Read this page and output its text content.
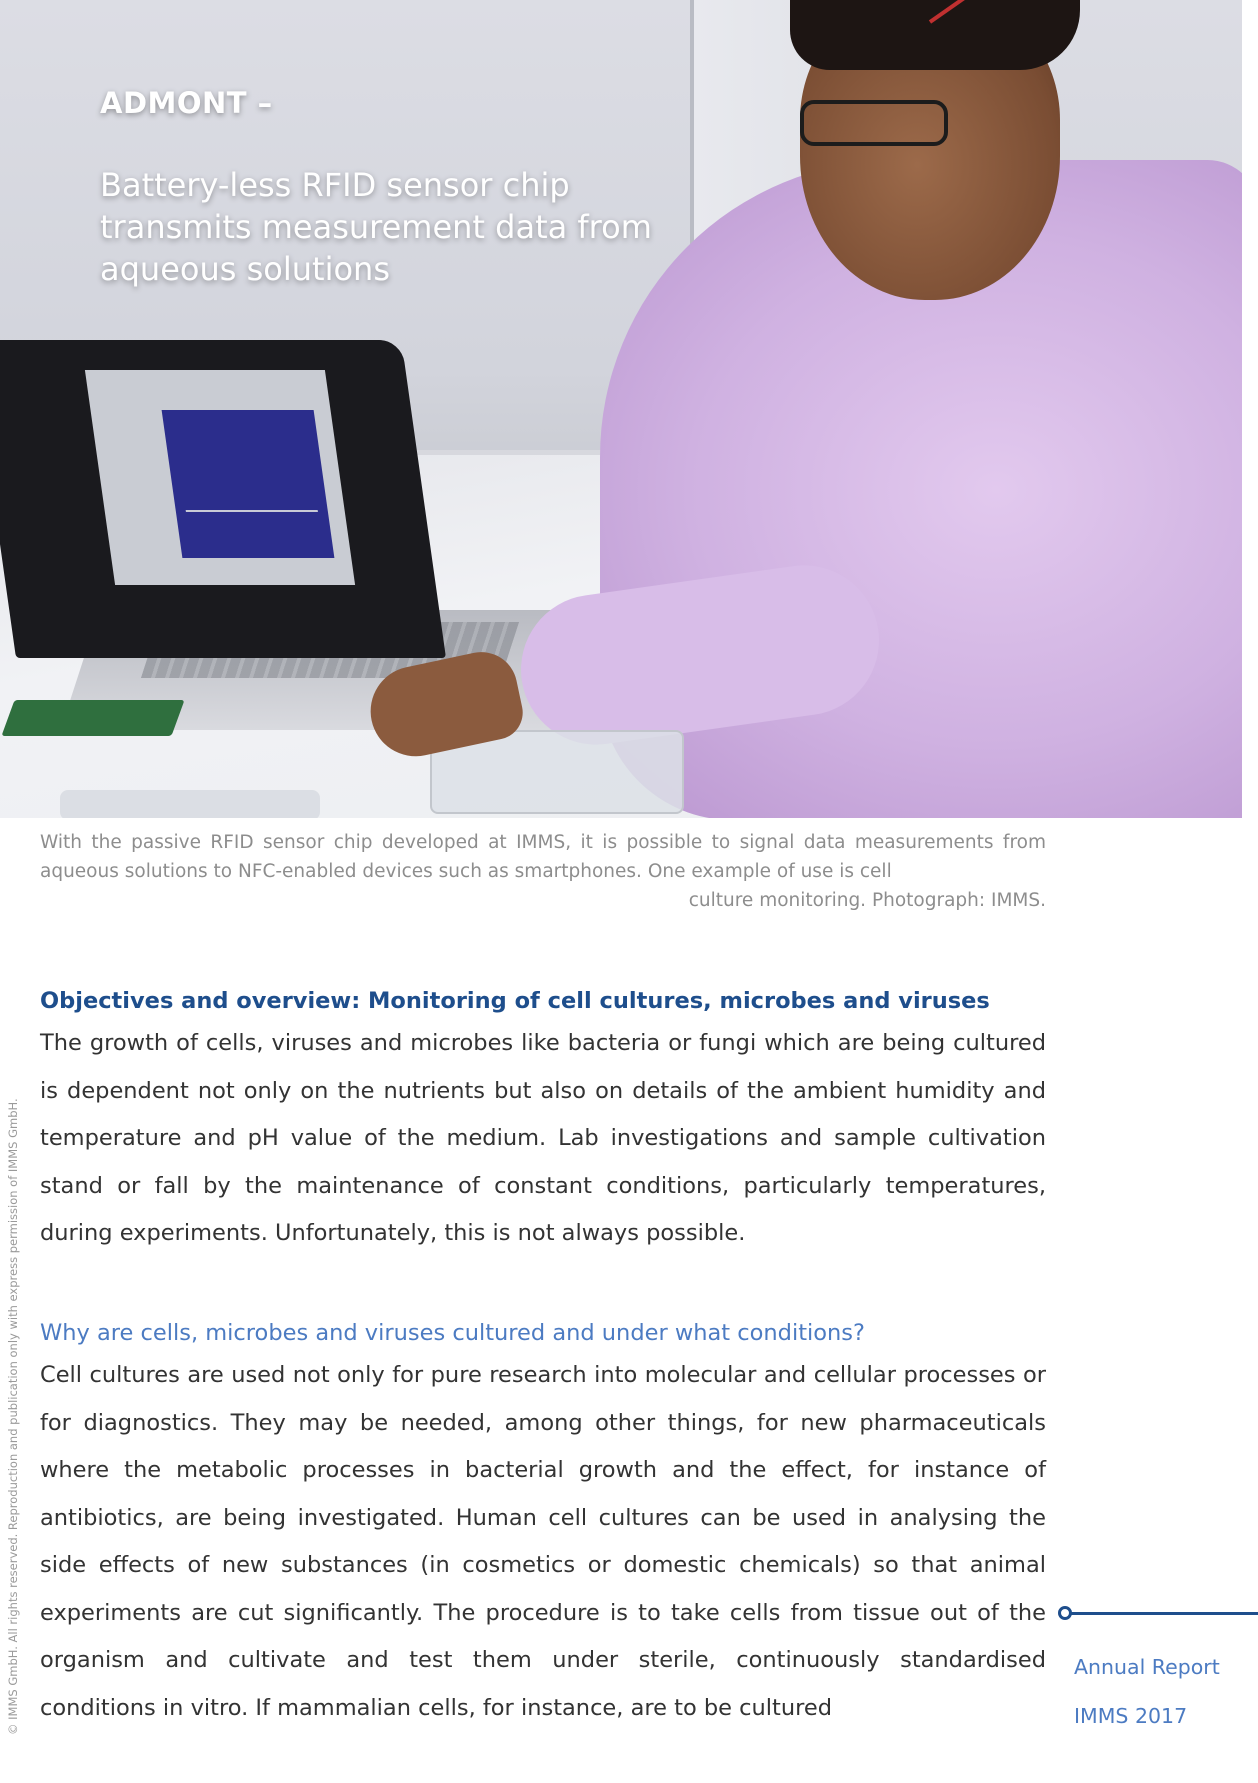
ADMONT –
Battery-less RFID sensor chip transmits measurement data from aqueous solutions
With the passive RFID sensor chip developed at IMMS, it is possible to signal data measurements from aqueous solutions to NFC-enabled devices such as smartphones. One example of use is cell
culture monitoring. Photograph: IMMS.
© IMMS GmbH. All rights reserved. Reproduction and publication only with express permission of IMMS GmbH.
Objectives and overview: Monitoring of cell cultures, microbes and viruses

The growth of cells, viruses and microbes like bacteria or fungi which are being cultured is dependent not only on the nutrients but also on details of the ambient humidity and temperature and pH value of the medium. Lab investigations and sample cultivation stand or fall by the maintenance of constant conditions, particularly temperatures, during experiments. Unfortunately, this is not always possible.

Why are cells, microbes and viruses cultured and under what conditions?

Cell cultures are used not only for pure research into molecular and cellular processes or for diagnostics. They may be needed, among other things, for new pharmaceuticals where the metabolic processes in bacterial growth and the effect, for instance of antibiotics, are being investigated. Human cell cultures can be used in analysing the side effects of new substances (in cosmetics or domestic chemicals) so that animal experiments are cut significantly. The procedure is to take cells from tissue out of the organism and cultivate and test them under sterile, continuously standardised conditions in vitro. If mammalian cells, for instance, are to be cultured

Annual Report
IMMS 2017
